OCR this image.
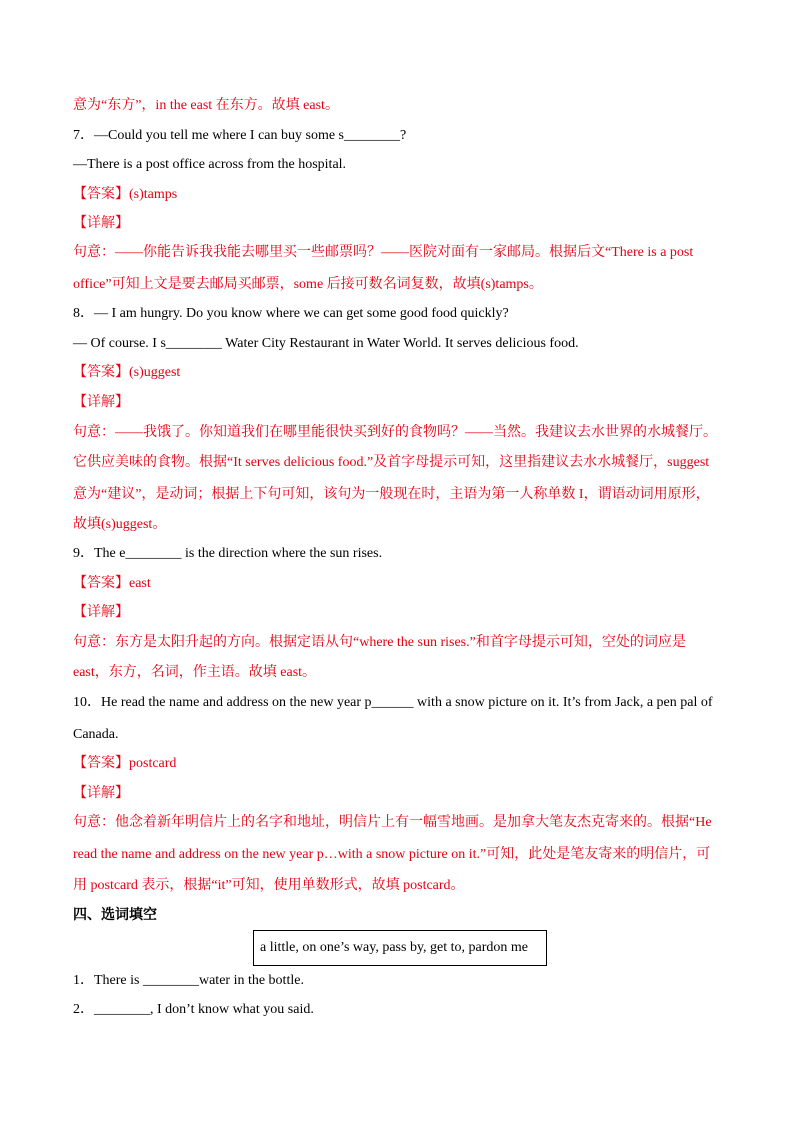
意为“东方”，in the east 在东方。故填 east。
7．—Could you tell me where I can buy some s________?
—There is a post office across from the hospital.
【答案】(s)tamps
【详解】
句意：——你能告诉我我能去哪里买一些邮票吗？——医院对面有一家邮局。根据后文“There is a post
office”可知上文是要去邮局买邮票，some 后接可数名词复数，故填(s)tamps。
8．— I am hungry. Do you know where we can get some good food quickly?
— Of course. I s________ Water City Restaurant in Water World. It serves delicious food.
【答案】(s)uggest
【详解】
句意：——我饿了。你知道我们在哪里能很快买到好的食物吗？——当然。我建议去水世界的水城餐厅。
它供应美味的食物。根据“It serves delicious food.”及首字母提示可知，这里指建议去水水城餐厅，suggest
意为“建议”，是动词；根据上下句可知，该句为一般现在时，主语为第一人称单数 I，谓语动词用原形，
故填(s)uggest。
9．The e________ is the direction where the sun rises.
【答案】east
【详解】
句意：东方是太阳升起的方向。根据定语从句“where the sun rises.”和首字母提示可知，空处的词应是
east，东方，名词，作主语。故填 east。
10．He read the name and address on the new year p______ with a snow picture on it. It’s from Jack, a pen pal of
Canada.
【答案】postcard
【详解】
句意：他念着新年明信片上的名字和地址，明信片上有一幅雪地画。是加拿大笔友杰克寄来的。根据“He
read the name and address on the new year p…with a snow picture on it.”可知，此处是笔友寄来的明信片，可
用 postcard 表示，根据“it”可知，使用单数形式，故填 postcard。
四、选词填空
a little, on one’s way, pass by, get to, pardon me
1．There is ________water in the bottle.
2．________, I don’t know what you said.
